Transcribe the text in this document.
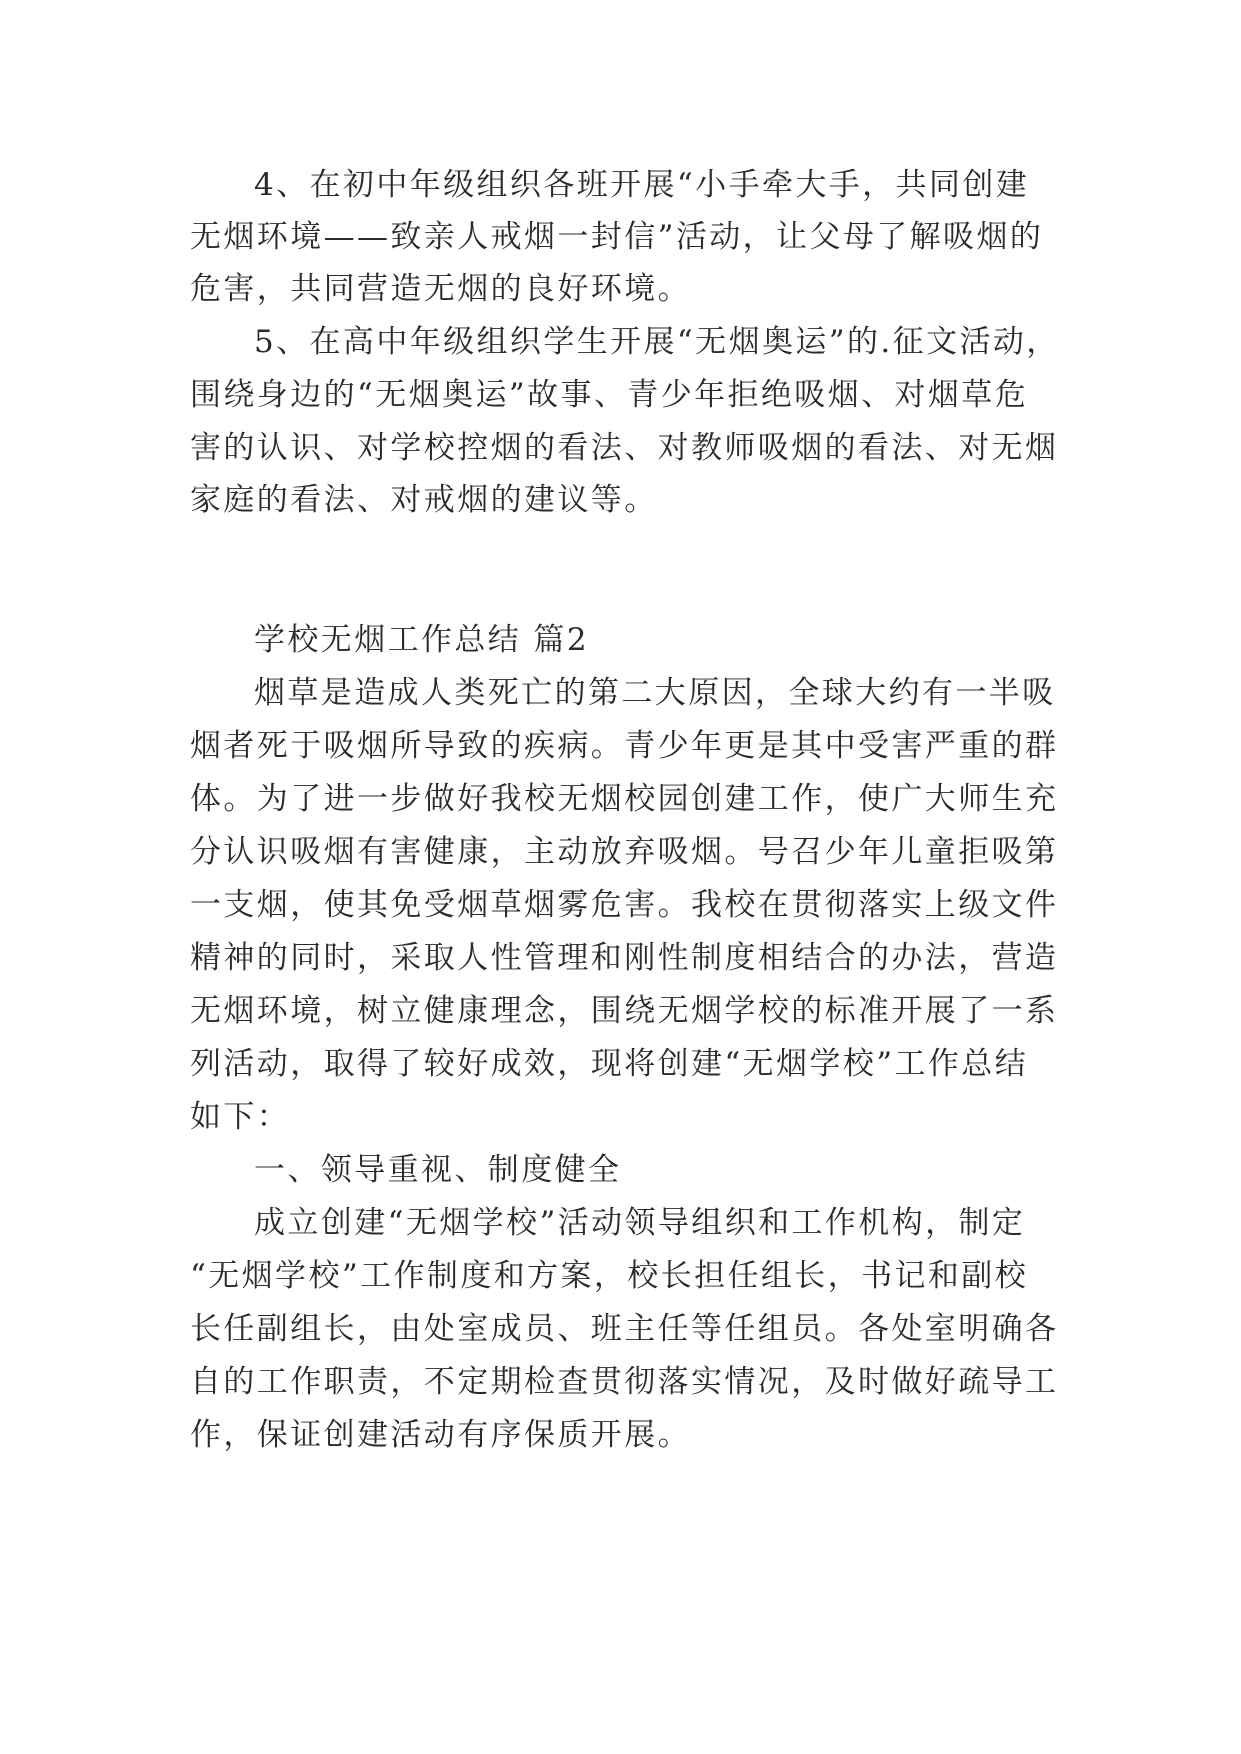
4、在初中年级组织各班开展“小手牵大手，共同创建
无烟环境——致亲人戒烟一封信”活动，让父母了解吸烟的
危害，共同营造无烟的良好环境。
5、在高中年级组织学生开展“无烟奥运”的.征文活动，
围绕身边的“无烟奥运”故事、青少年拒绝吸烟、对烟草危
害的认识、对学校控烟的看法、对教师吸烟的看法、对无烟
家庭的看法、对戒烟的建议等。
学校无烟工作总结 篇2
烟草是造成人类死亡的第二大原因，全球大约有一半吸
烟者死于吸烟所导致的疾病。青少年更是其中受害严重的群
体。为了进一步做好我校无烟校园创建工作，使广大师生充
分认识吸烟有害健康，主动放弃吸烟。号召少年儿童拒吸第
一支烟，使其免受烟草烟雾危害。我校在贯彻落实上级文件
精神的同时，采取人性管理和刚性制度相结合的办法，营造
无烟环境，树立健康理念，围绕无烟学校的标准开展了一系
列活动，取得了较好成效，现将创建“无烟学校”工作总结
如下：
一、领导重视、制度健全
成立创建“无烟学校”活动领导组织和工作机构，制定
“无烟学校”工作制度和方案，校长担任组长，书记和副校
长任副组长，由处室成员、班主任等任组员。各处室明确各
自的工作职责，不定期检查贯彻落实情况，及时做好疏导工
作，保证创建活动有序保质开展。
